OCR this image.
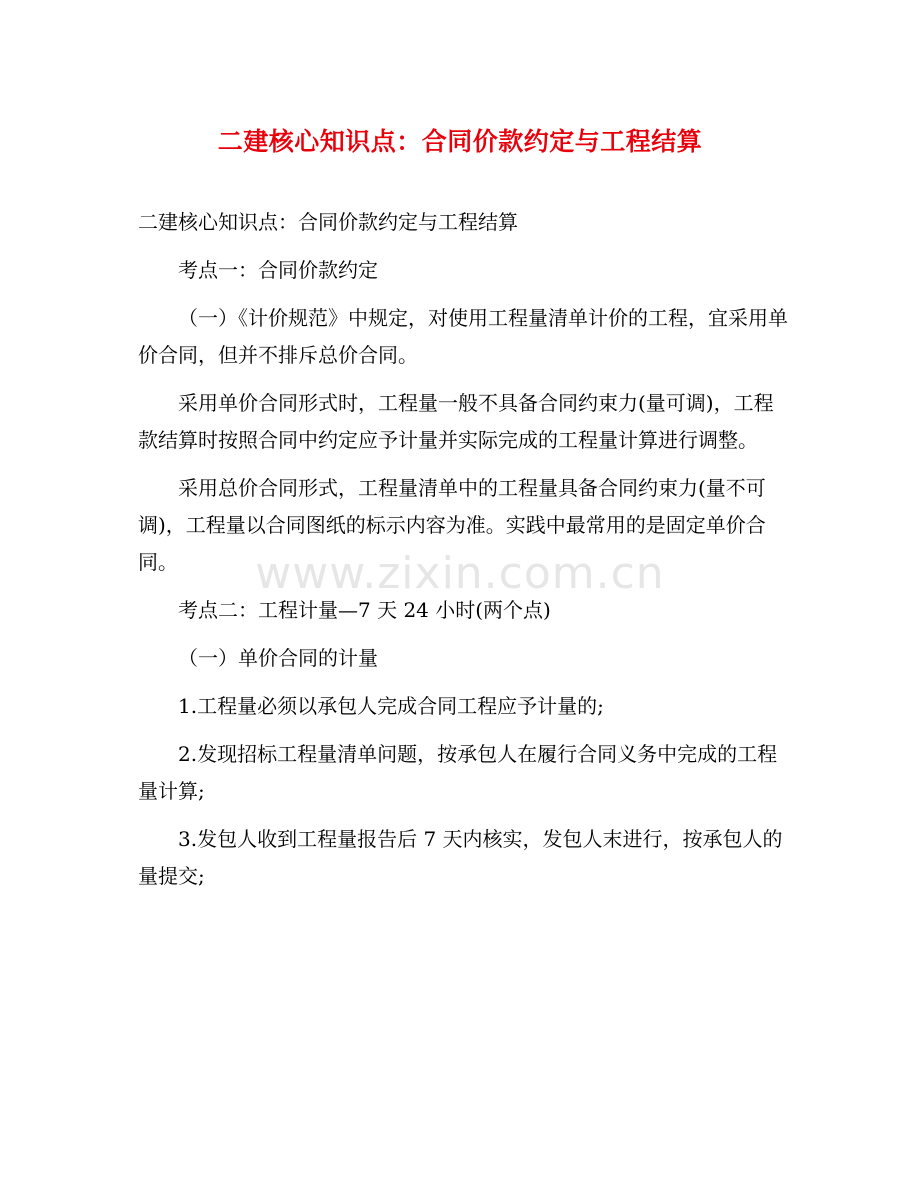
二建核心知识点：合同价款约定与工程结算

二建核心知识点：合同价款约定与工程结算

考点一：合同价款约定

（一）《计价规范》中规定，对使用工程量清单计价的工程，宜采用单价合同，但并不排斥总价合同。

采用单价合同形式时，工程量一般不具备合同约束力(量可调)，工程款结算时按照合同中约定应予计量并实际完成的工程量计算进行调整。

采用总价合同形式，工程量清单中的工程量具备合同约束力(量不可调)，工程量以合同图纸的标示内容为准。实践中最常用的是固定单价合同。

考点二：工程计量—7 天 24 小时(两个点)

（一）单价合同的计量

1.工程量必须以承包人完成合同工程应予计量的;

2.发现招标工程量清单问题，按承包人在履行合同义务中完成的工程量计算;

3.发包人收到工程量报告后 7 天内核实，发包人末进行，按承包人的量提交;

www.zixin.com.cn
